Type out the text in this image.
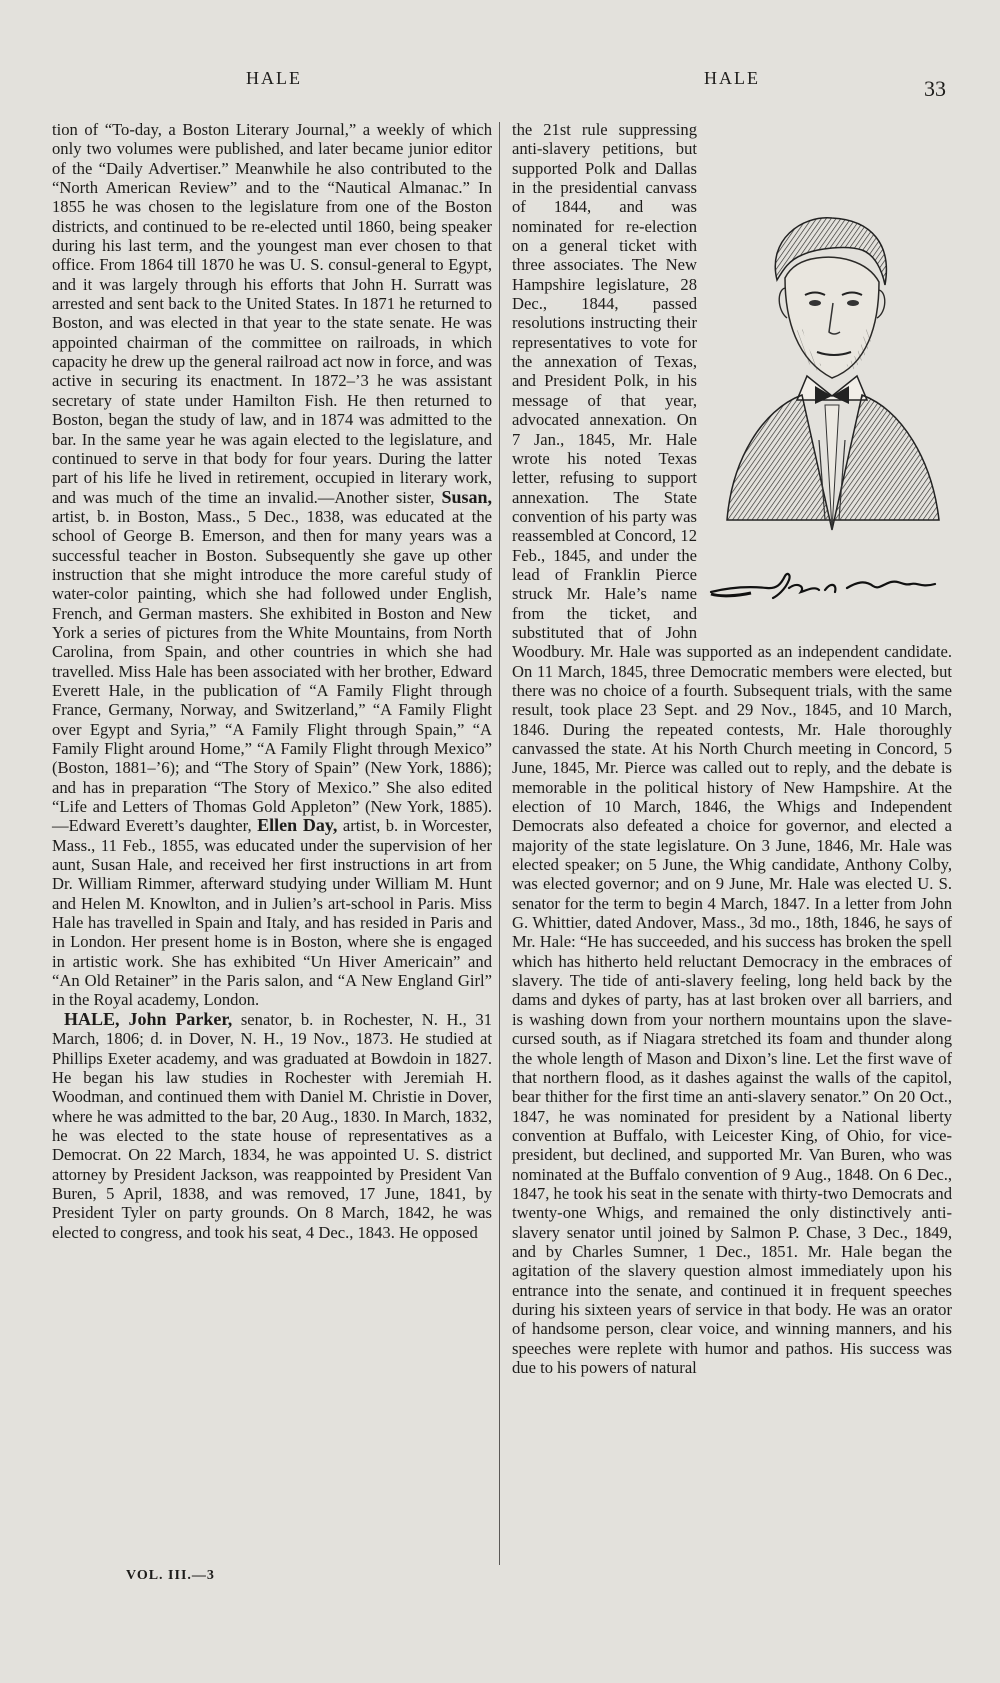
HALE	HALE	33

tion of “To-day, a Boston Literary Journal,” a weekly of which only two volumes were published, and later became junior editor of the “Daily Advertiser.” Meanwhile he also contributed to the “North American Review” and to the “Nautical Almanac.” In 1855 he was chosen to the legislature from one of the Boston districts, and continued to be re-elected until 1860, being speaker during his last term, and the youngest man ever chosen to that office. From 1864 till 1870 he was U. S. consul-general to Egypt, and it was largely through his efforts that John H. Surratt was arrested and sent back to the United States. In 1871 he returned to Boston, and was elected in that year to the state senate. He was appointed chairman of the committee on railroads, in which capacity he drew up the general railroad act now in force, and was active in securing its enactment. In 1872–’3 he was assistant secretary of state under Hamilton Fish. He then returned to Boston, began the study of law, and in 1874 was admitted to the bar. In the same year he was again elected to the legislature, and continued to serve in that body for four years. During the latter part of his life he lived in retirement, occupied in literary work, and was much of the time an invalid.—Another sister, Susan, artist, b. in Boston, Mass., 5 Dec., 1838, was educated at the school of George B. Emerson, and then for many years was a successful teacher in Boston. Subsequently she gave up other instruction that she might introduce the more careful study of water-color painting, which she had followed under English, French, and German masters. She exhibited in Boston and New York a series of pictures from the White Mountains, from North Carolina, from Spain, and other countries in which she had travelled. Miss Hale has been associated with her brother, Edward Everett Hale, in the publication of “A Family Flight through France, Germany, Norway, and Switzerland,” “A Family Flight over Egypt and Syria,” “A Family Flight through Spain,” “A Family Flight around Home,” “A Family Flight through Mexico” (Boston, 1881–’6); and “The Story of Spain” (New York, 1886); and has in preparation “The Story of Mexico.” She also edited “Life and Letters of Thomas Gold Appleton” (New York, 1885).—Edward Everett’s daughter, Ellen Day, artist, b. in Worcester, Mass., 11 Feb., 1855, was educated under the supervision of her aunt, Susan Hale, and received her first instructions in art from Dr. William Rimmer, afterward studying under William M. Hunt and Helen M. Knowlton, and in Julien’s art-school in Paris. Miss Hale has travelled in Spain and Italy, and has resided in Paris and in London. Her present home is in Boston, where she is engaged in artistic work. She has exhibited “Un Hiver Americain” and “An Old Retainer” in the Paris salon, and “A New England Girl” in the Royal academy, London.

HALE, John Parker, senator, b. in Rochester, N. H., 31 March, 1806; d. in Dover, N. H., 19 Nov., 1873. He studied at Phillips Exeter academy, and was graduated at Bowdoin in 1827. He began his law studies in Rochester with Jeremiah H. Woodman, and continued them with Daniel M. Christie in Dover, where he was admitted to the bar, 20 Aug., 1830. In March, 1832, he was elected to the state house of representatives as a Democrat. On 22 March, 1834, he was appointed U. S. district attorney by President Jackson, was reappointed by President Van Buren, 5 April, 1838, and was removed, 17 June, 1841, by President Tyler on party grounds. On 8 March, 1842, he was elected to congress, and took his seat, 4 Dec., 1843. He opposed

the 21st rule suppressing anti-slavery petitions, but supported Polk and Dallas in the presidential canvass of 1844, and was nominated for re-election on a general ticket with three associates. The New Hampshire legislature, 28 Dec., 1844, passed resolutions instructing their representatives to vote for the annexation of Texas, and President Polk, in his message of that year, advocated annexation. On 7 Jan., 1845, Mr. Hale wrote his noted Texas letter, refusing to support annexation. The State convention of his party was reassembled at Concord, 12 Feb., 1845, and under the lead of Franklin Pierce struck Mr. Hale’s name from the ticket, and substituted that of John Woodbury. Mr. Hale was supported as an independent candidate. On 11 March, 1845, three Democratic members were elected, but there was no choice of a fourth. Subsequent trials, with the same result, took place 23 Sept. and 29 Nov., 1845, and 10 March, 1846. During the repeated contests, Mr. Hale thoroughly canvassed the state. At his North Church meeting in Concord, 5 June, 1845, Mr. Pierce was called out to reply, and the debate is memorable in the political history of New Hampshire. At the election of 10 March, 1846, the Whigs and Independent Democrats also defeated a choice for governor, and elected a majority of the state legislature. On 3 June, 1846, Mr. Hale was elected speaker; on 5 June, the Whig candidate, Anthony Colby, was elected governor; and on 9 June, Mr. Hale was elected U. S. senator for the term to begin 4 March, 1847. In a letter from John G. Whittier, dated Andover, Mass., 3d mo., 18th, 1846, he says of Mr. Hale: “He has succeeded, and his success has broken the spell which has hitherto held reluctant Democracy in the embraces of slavery. The tide of anti-slavery feeling, long held back by the dams and dykes of party, has at last broken over all barriers, and is washing down from your northern mountains upon the slave-cursed south, as if Niagara stretched its foam and thunder along the whole length of Mason and Dixon’s line. Let the first wave of that northern flood, as it dashes against the walls of the capitol, bear thither for the first time an anti-slavery senator.” On 20 Oct., 1847, he was nominated for president by a National liberty convention at Buffalo, with Leicester King, of Ohio, for vice-president, but declined, and supported Mr. Van Buren, who was nominated at the Buffalo convention of 9 Aug., 1848. On 6 Dec., 1847, he took his seat in the senate with thirty-two Democrats and twenty-one Whigs, and remained the only distinctively anti-slavery senator until joined by Salmon P. Chase, 3 Dec., 1849, and by Charles Sumner, 1 Dec., 1851. Mr. Hale began the agitation of the slavery question almost immediately upon his entrance into the senate, and continued it in frequent speeches during his sixteen years of service in that body. He was an orator of handsome person, clear voice, and winning manners, and his speeches were replete with humor and pathos. His success was due to his powers of natural

VOL. III.—3
